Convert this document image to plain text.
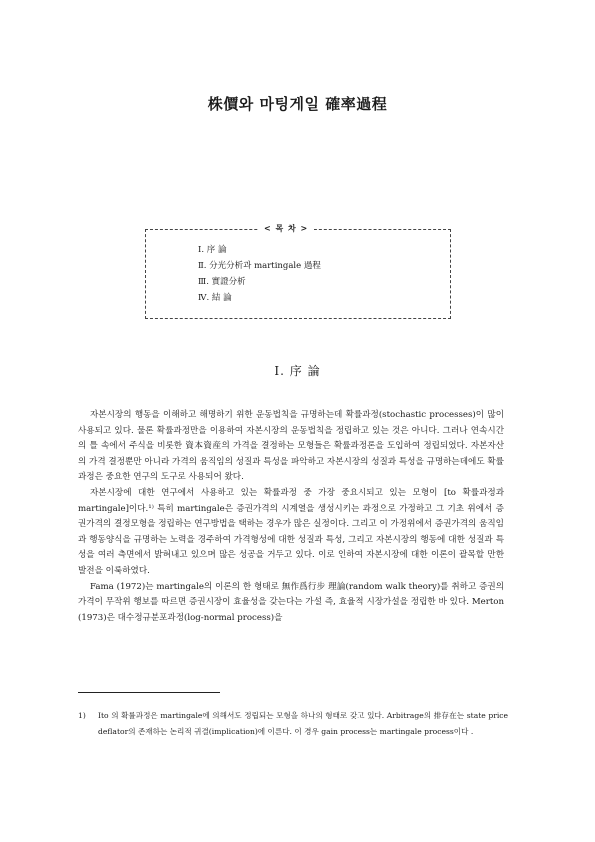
株價와 마팅게일 確率過程
< 목 차 >
Ⅰ. 序 論
Ⅱ. 分光分析과 martingale 過程
Ⅲ. 實證分析
Ⅳ. 結 論
Ⅰ. 序 論

자본시장의 행동을 이해하고 해명하기 위한 운동법칙을 규명하는데 확률과정(stochastic processes)이 많이 사용되고 있다. 물론 확률과정만을 이용하여 자본시장의 운동법칙을 정립하고 있는 것은 아니다. 그러나 연속시간의 틀 속에서 주식을 비롯한 資本資産의 가격을 결정하는 모형들은 확률과정론을 도입하여 정립되었다. 자본자산의 가격 결정뿐만 아니라 가격의 움직임의 성질과 특성을 파악하고 자본시장의 성질과 특성을 규명하는데에도 확률과정은 중요한 연구의 도구로 사용되어 왔다.

자본시장에 대한 연구에서 사용하고 있는 확률과정 중 가장 중요시되고 있는 모형이 [to 확률과정과 martingale]이다.¹⁾ 특히 martingale은 증권가격의 시계열을 생성시키는 과정으로 가정하고 그 기초 위에서 증권가격의 결정모형을 정립하는 연구방법을 택하는 경우가 많은 실정이다. 그리고 이 가정위에서 증권가격의 움직임과 행동양식을 규명하는 노력을 경주하여 가격형성에 대한 성질과 특성, 그리고 자본시장의 행동에 대한 성질과 특성을 여러 측면에서 밝혀내고 있으며 많은 성공을 거두고 있다. 이로 인하여 자본시장에 대한 이론이 괄목할 만한 발전을 이룩하였다.

Fama (1972)는 martingale의 이론의 한 형태로 無作爲行步 理論(random walk theory)를 취하고 증권의 가격이 무작위 행보를 따르면 증권시장이 효율성을 갖는다는 가설 즉, 효율적 시장가설을 정립한 바 있다. Merton (1973)은 대수정규분포과정(log-normal process)을

1) Ito 의 확률과정은 martingale에 의해서도 정립되는 모형을 하나의 형태로 갖고 있다. Arbitrage의 排存在는 state price deflator의 존재하는 논리적 귀결(implication)에 이른다. 이 경우 gain process는 martingale process이다 .
